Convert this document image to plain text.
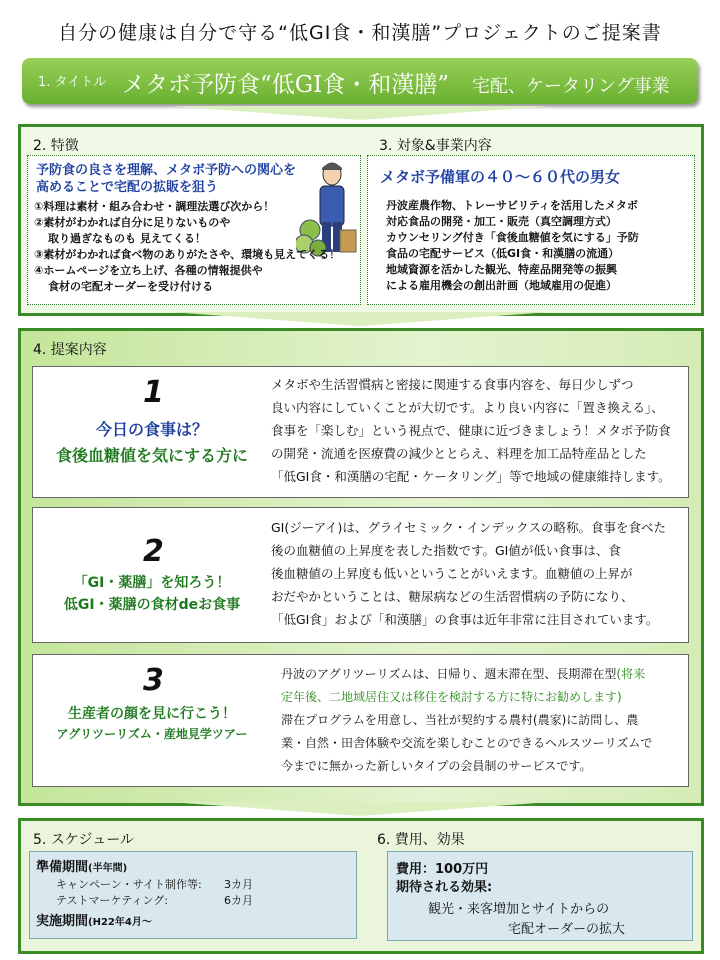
自分の健康は自分で守る“低GI食・和漢膳”プロジェクトのご提案書
1. タイトル メタボ予防食“低GI食・和漢膳”　 宅配、ケータリング事業
2. 特徴	3. 対象&事業内容
予防食の良さを理解、メタボ予防への関心を高めることで宅配の拡販を狙う
①料理は素材・組み合わせ・調理法選び次から！
②素材がわかれば自分に足りないものや
取り過ぎなものも 見えてくる！
③素材がわかれば食べ物のありがたさや、環境も見えてくる！
④ホームページを立ち上げ、各種の情報提供や
食材の宅配オーダーを受け付ける
メタボ予備軍の４０～６０代の男女
丹波産農作物、トレーサビリティを活用したメタボ
対応食品の開発・加工・販売（真空調理方式）
カウンセリング付き「食後血糖値を気にする」予防
食品の宅配サービス（低GI食・和漢膳の流通）
地域資源を活かした観光、特産品開発等の振興
による雇用機会の創出計画（地域雇用の促進）
4. 提案内容
1
今日の食事は？
食後血糖値を気にする方に
メタボや生活習慣病と密接に関連する食事内容を、毎日少しずつ
良い内容にしていくことが大切です。より良い内容に「置き換える」、
食事を「楽しむ」という視点で、健康に近づきましょう！メタボ予防食
の開発・流通を医療費の減少ととらえ、料理を加工品特産品とした
「低GI食・和漢膳の宅配・ケータリング」等で地域の健康維持します。
2
「GI・薬膳」を知ろう！
低GI・薬膳の食材deお食事
GI(ジーアイ)は、グライセミック・インデックスの略称。食事を食べた
後の血糖値の上昇度を表した指数です。GI値が低い食事は、食
後血糖値の上昇度も低いということがいえます。血糖値の上昇が
おだやかということは、糖尿病などの生活習慣病の予防になり、
「低GI食」および「和漢膳」の食事は近年非常に注目されています。
3
生産者の顔を見に行こう！
アグリツーリズム・産地見学ツアー
丹波のアグリツーリズムは、日帰り、週末滞在型、長期滞在型(将来
定年後、二地域居住又は移住を検討する方に特にお勧めします)
滞在プログラムを用意し、当社が契約する農村(農家)に訪問し、農
業・自然・田舎体験や交流を楽しむことのできるヘルスツーリズムで
今までに無かった新しいタイプの会員制のサービスです。
5. スケジュール	6. 費用、効果
準備期間(半年間)
キャンペーン・サイト制作等: 3カ月
テストマーケティング:	6カ月
実施期間(H22年4月～
費用：100万円
期待される効果:
観光・来客増加とサイトからの
宅配オーダーの拡大
